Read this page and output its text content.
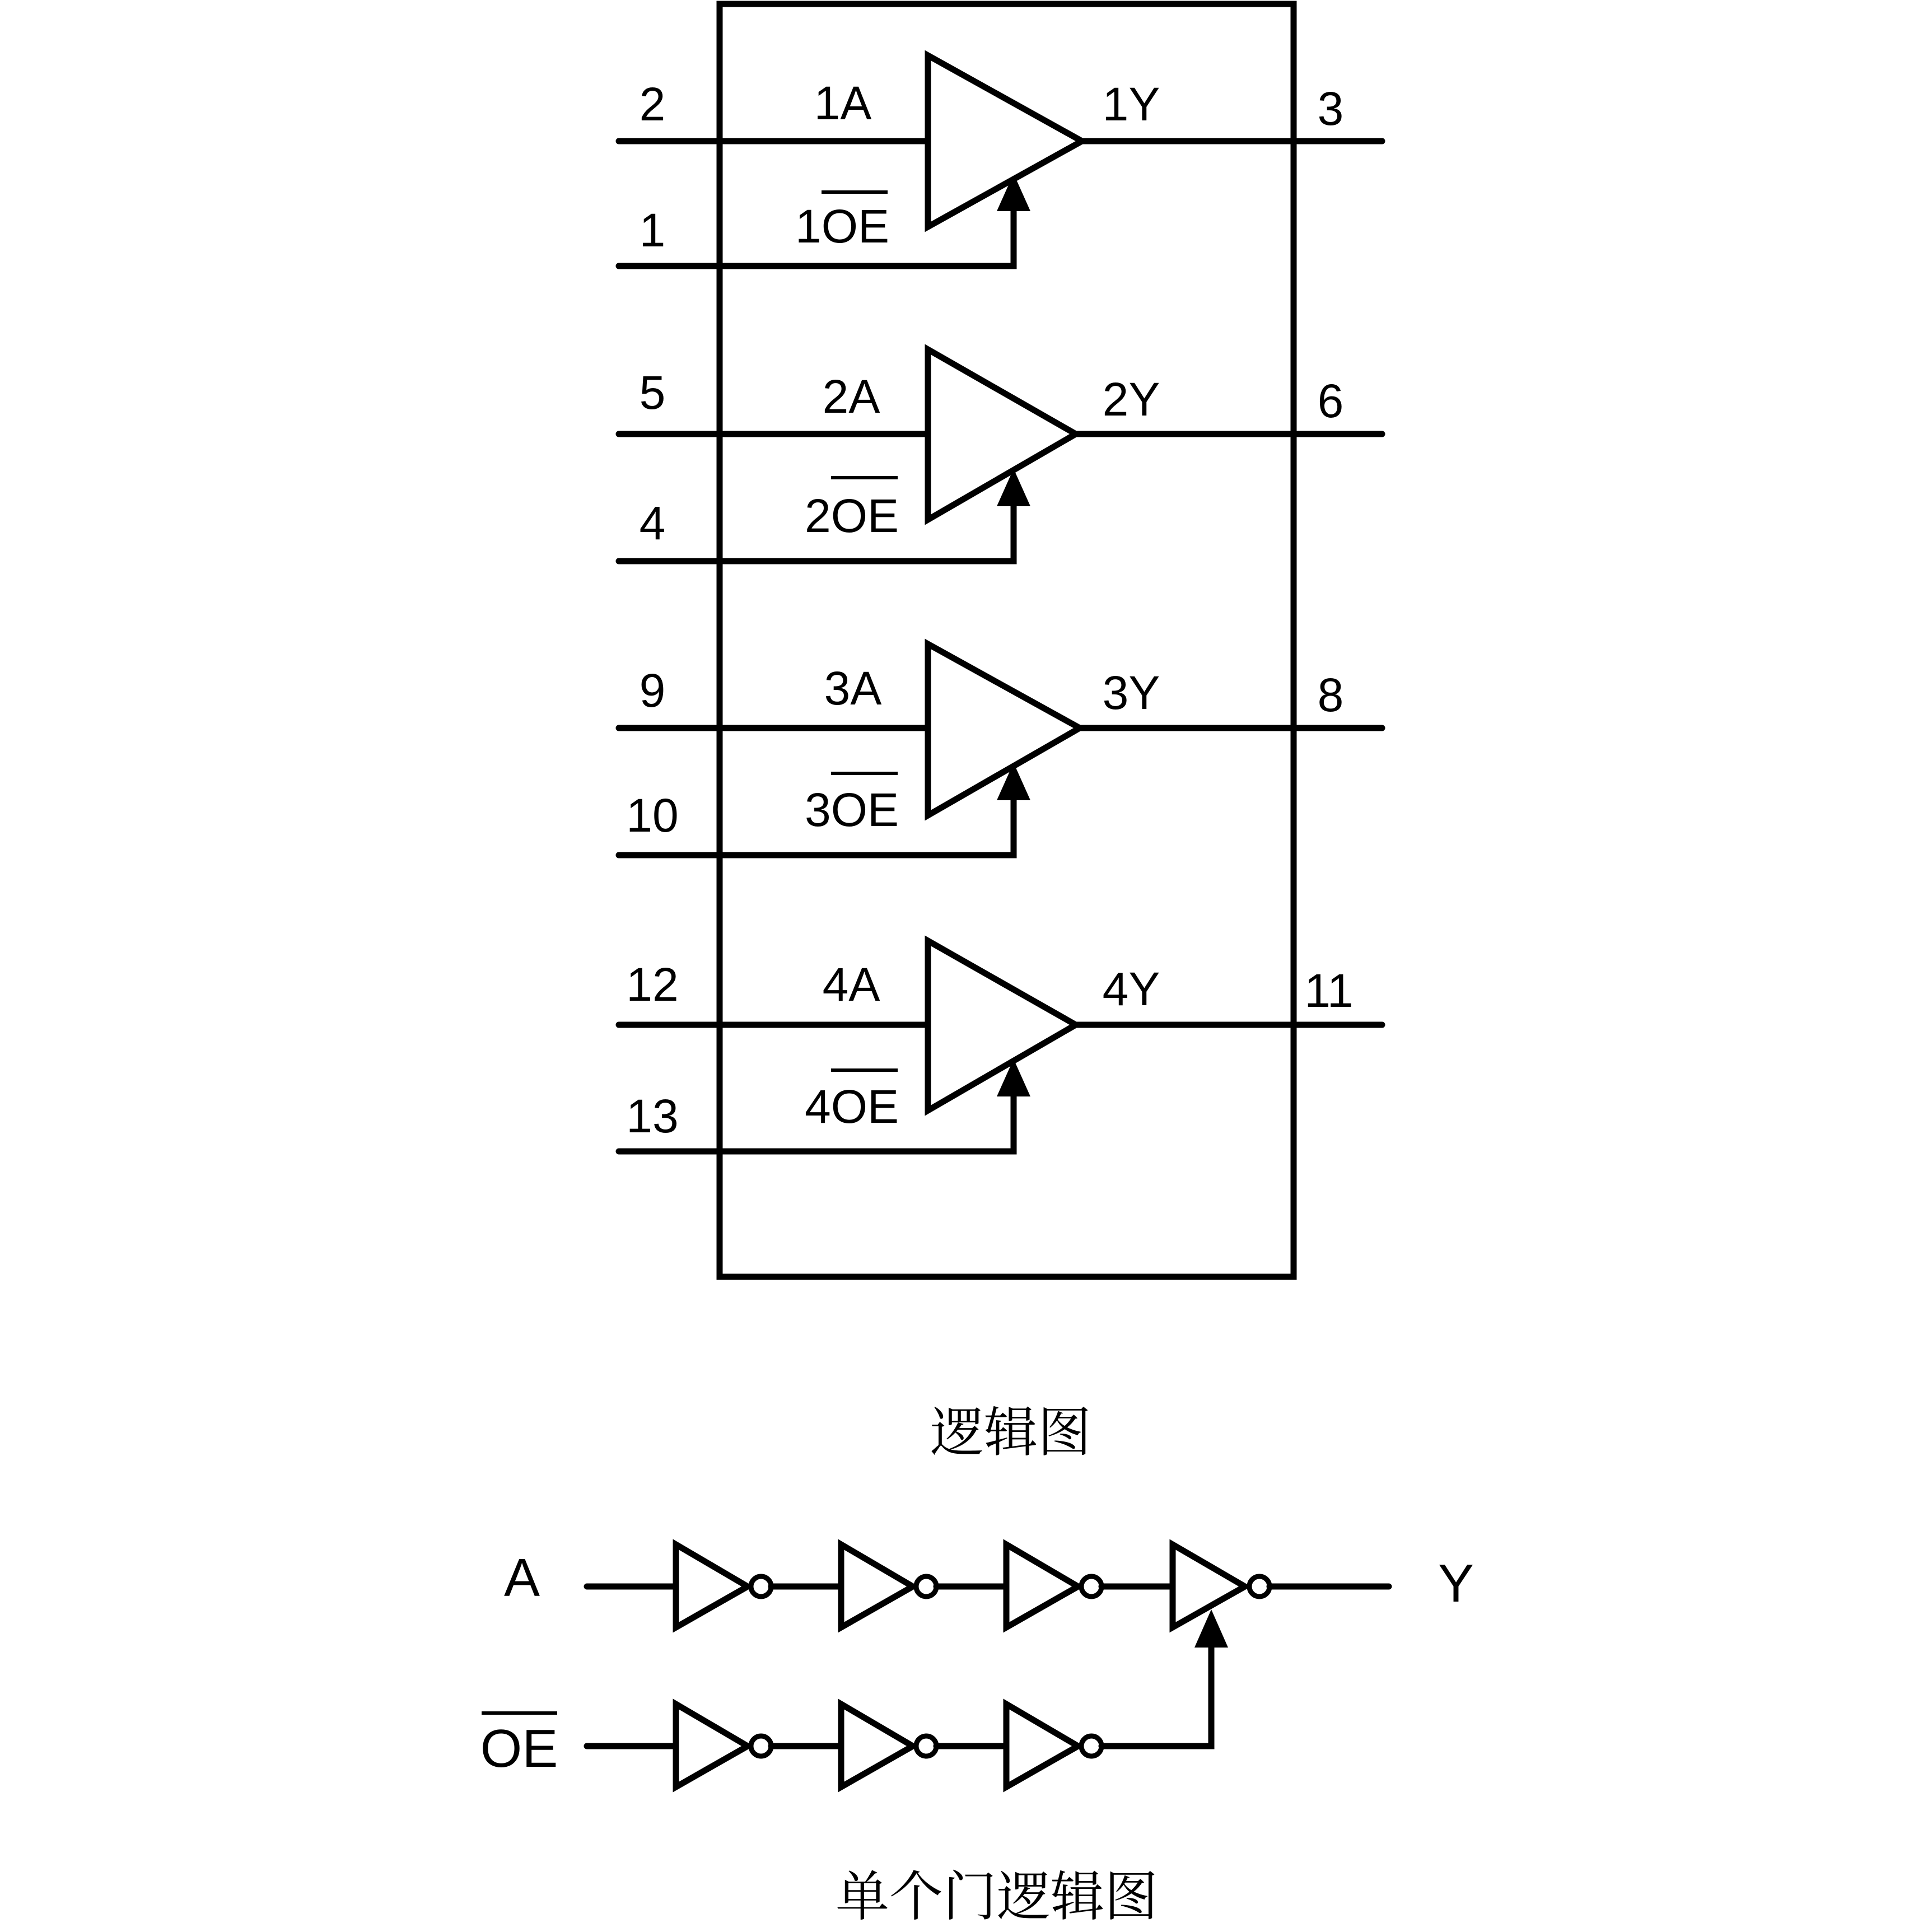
2
1
3
1A
1OE
1Y
5
4
6
2A
2OE
2Y
9
10
8
3A
3OE
3Y
12
13
11
4A
4OE
4Y
逻辑图
A	Y
OE
单个门逻辑图
